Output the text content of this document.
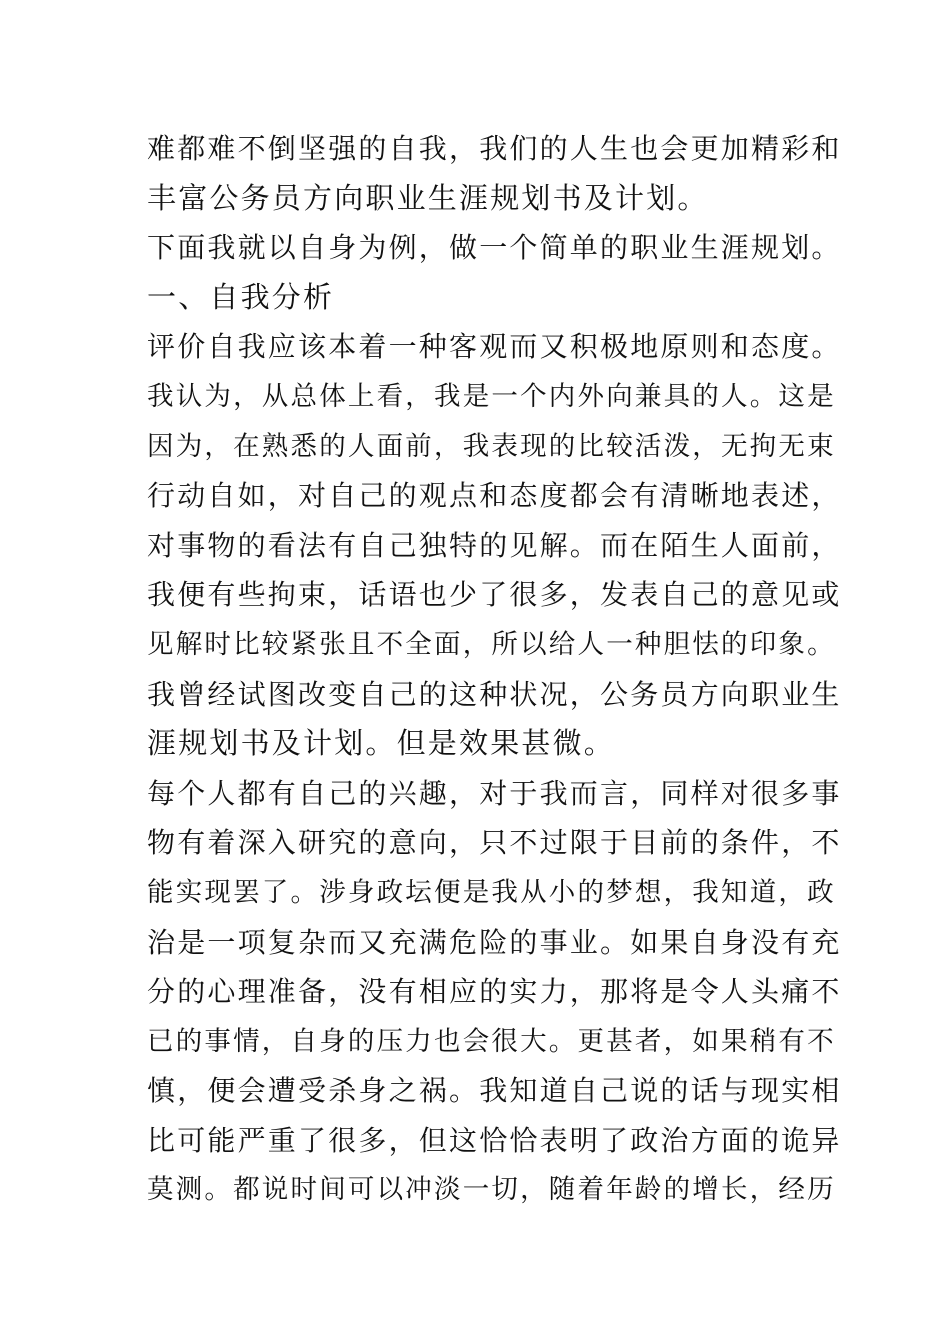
难都难不倒坚强的自我，我们的人生也会更加精彩和
丰富公务员方向职业生涯规划书及计划。
下面我就以自身为例，做一个简单的职业生涯规划。
一、自我分析
评价自我应该本着一种客观而又积极地原则和态度。
我认为，从总体上看，我是一个内外向兼具的人。这是
因为，在熟悉的人面前，我表现的比较活泼，无拘无束
行动自如，对自己的观点和态度都会有清晰地表述，
对事物的看法有自己独特的见解。而在陌生人面前，
我便有些拘束，话语也少了很多，发表自己的意见或
见解时比较紧张且不全面，所以给人一种胆怯的印象。
我曾经试图改变自己的这种状况，公务员方向职业生
涯规划书及计划。但是效果甚微。
每个人都有自己的兴趣，对于我而言，同样对很多事
物有着深入研究的意向，只不过限于目前的条件，不
能实现罢了。涉身政坛便是我从小的梦想，我知道，政
治是一项复杂而又充满危险的事业。如果自身没有充
分的心理准备，没有相应的实力，那将是令人头痛不
已的事情，自身的压力也会很大。更甚者，如果稍有不
慎，便会遭受杀身之祸。我知道自己说的话与现实相
比可能严重了很多，但这恰恰表明了政治方面的诡异
莫测。都说时间可以冲淡一切，随着年龄的增长，经历
